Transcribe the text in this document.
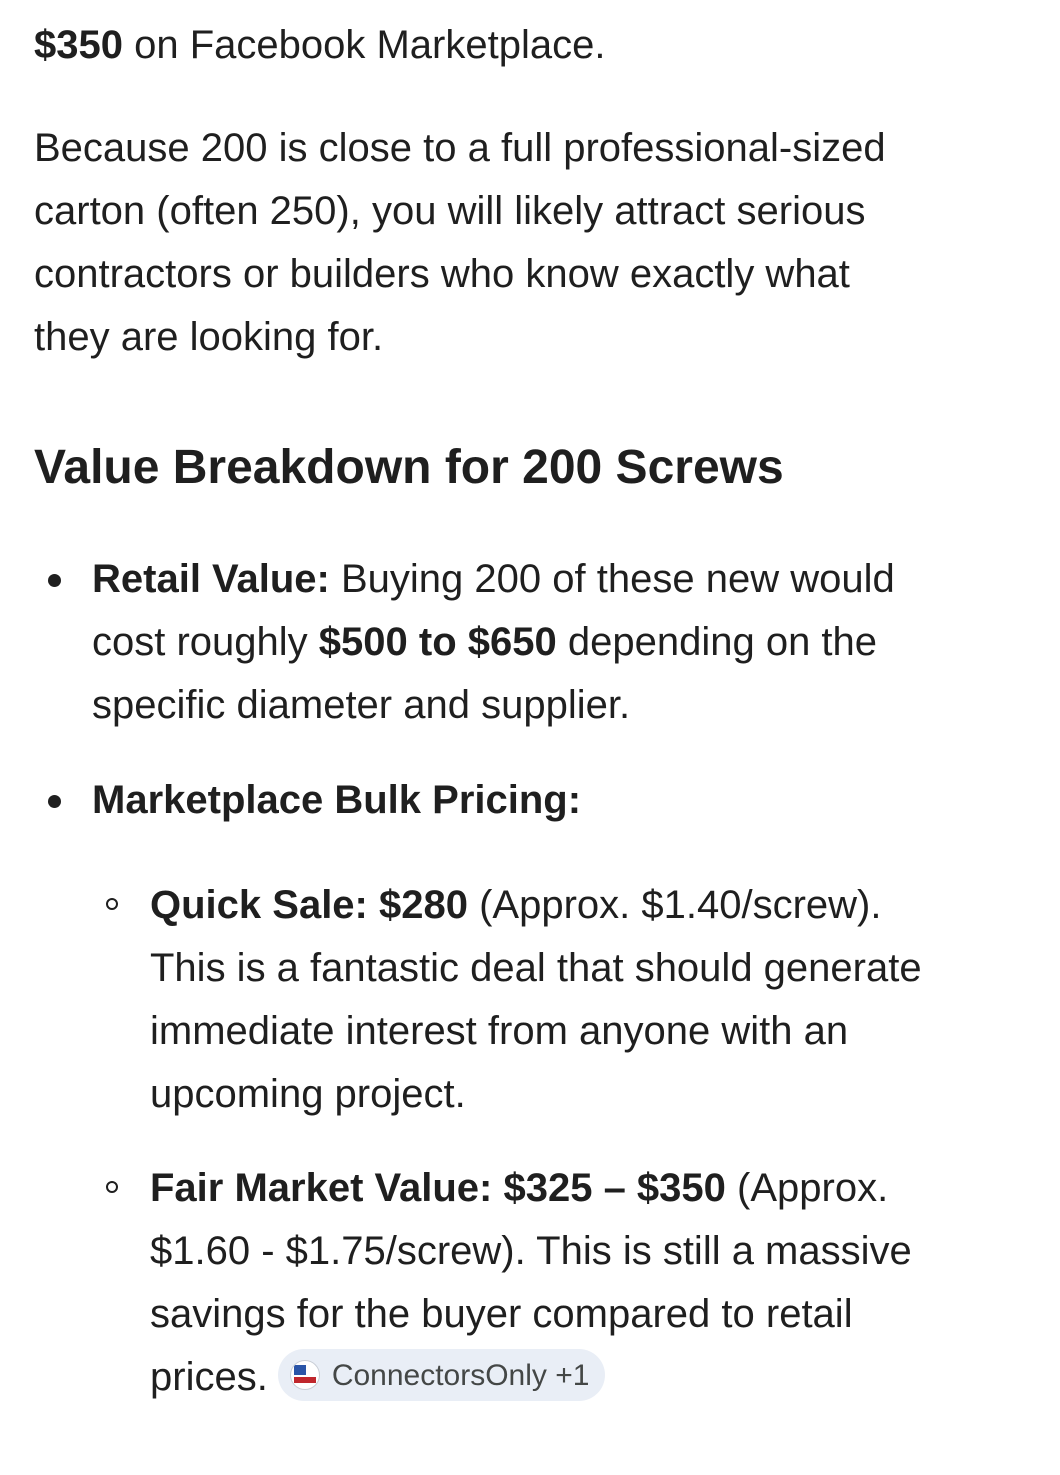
$350 on Facebook Marketplace.
Because 200 is close to a full professional-sized
carton (often 250), you will likely attract serious
contractors or builders who know exactly what
they are looking for.
Value Breakdown for 200 Screws
Retail Value: Buying 200 of these new would
cost roughly $500 to $650 depending on the
specific diameter and supplier.
Marketplace Bulk Pricing:
Quick Sale: $280 (Approx. $1.40/screw).
This is a fantastic deal that should generate
immediate interest from anyone with an
upcoming project.
Fair Market Value: $325 – $350 (Approx.
$1.60 - $1.75/screw). This is still a massive
savings for the buyer compared to retail
prices. ConnectorsOnly +1
